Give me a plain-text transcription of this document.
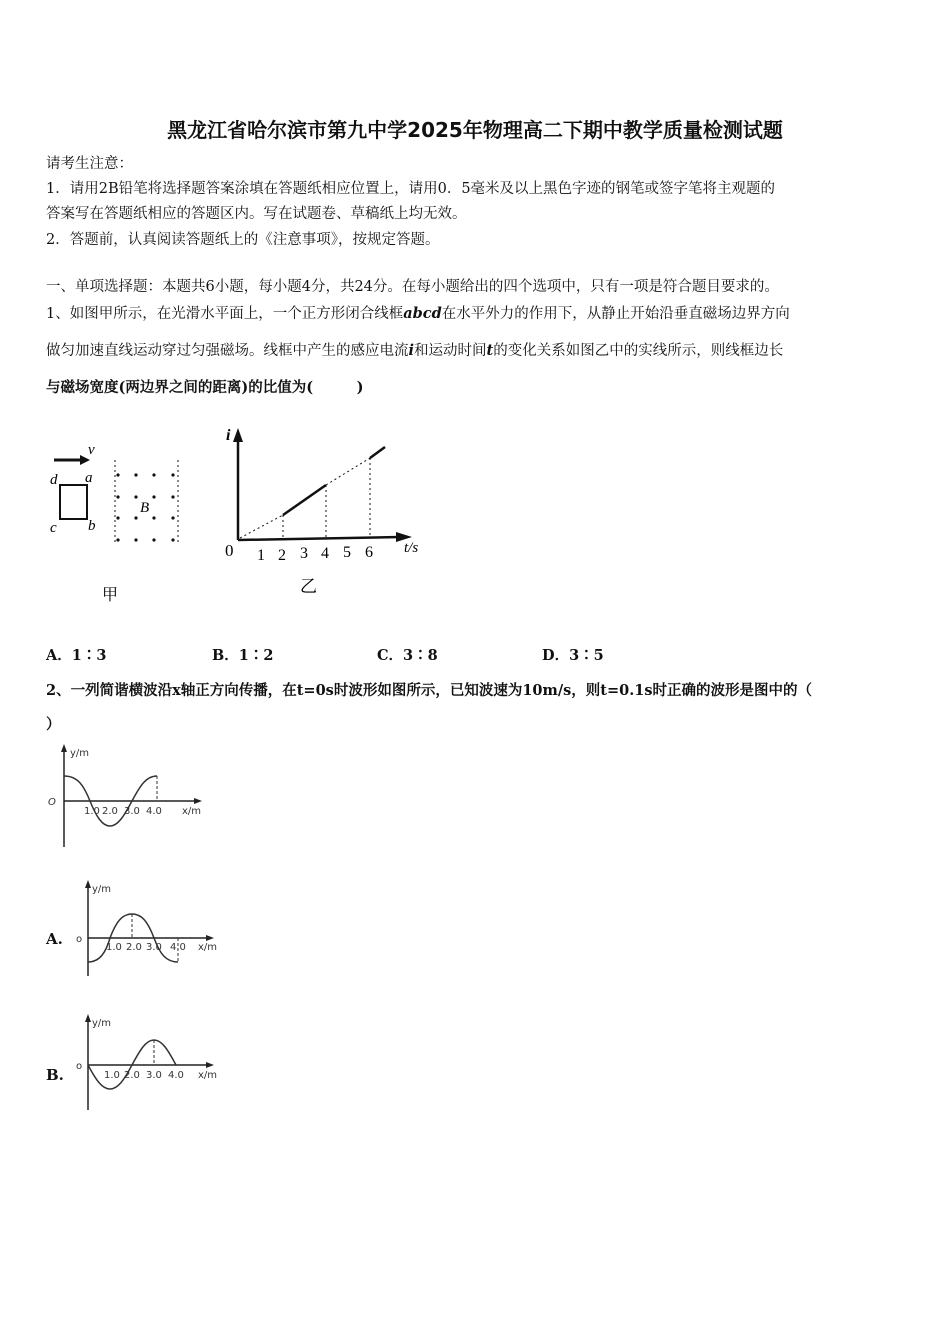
黑龙江省哈尔滨市第九中学2025年物理高二下期中教学质量检测试题
请考生注意：
1．请用2B铅笔将选择题答案涂填在答题纸相应位置上，请用0．5毫米及以上黑色字迹的钢笔或签字笔将主观题的
答案写在答题纸相应的答题区内。写在试题卷、草稿纸上均无效。
2．答题前，认真阅读答题纸上的《注意事项》，按规定答题。
一、单项选择题：本题共6小题，每小题4分，共24分。在每小题给出的四个选项中，只有一项是符合题目要求的。
1、如图甲所示，在光滑水平面上，一个正方形闭合线框abcd在水平外力的作用下，从静止开始沿垂直磁场边界方向
做匀加速直线运动穿过匀强磁场。线框中产生的感应电流i和运动时间t的变化关系如图乙中的实线所示，则线框边长
与磁场宽度(两边界之间的距离)的比值为(　　　)
v
d a
c b
B
甲
i
t/s
0 1 2 3 4 5 6
乙
A．1∶3	B．1∶2	C．3∶8	D．3∶5
2、一列简谐横波沿x轴正方向传播，在t=0s时波形如图所示，已知波速为10m/s，则t=0.1s时正确的波形是图中的（
）
y/m
O
1.0 2.0 3.0 4.0 x/m
A.
y/m
o
1.0 2.0 3.0 4.0 x/m
B.
y/m
o
1.0 2.0 3.0 4.0 x/m
